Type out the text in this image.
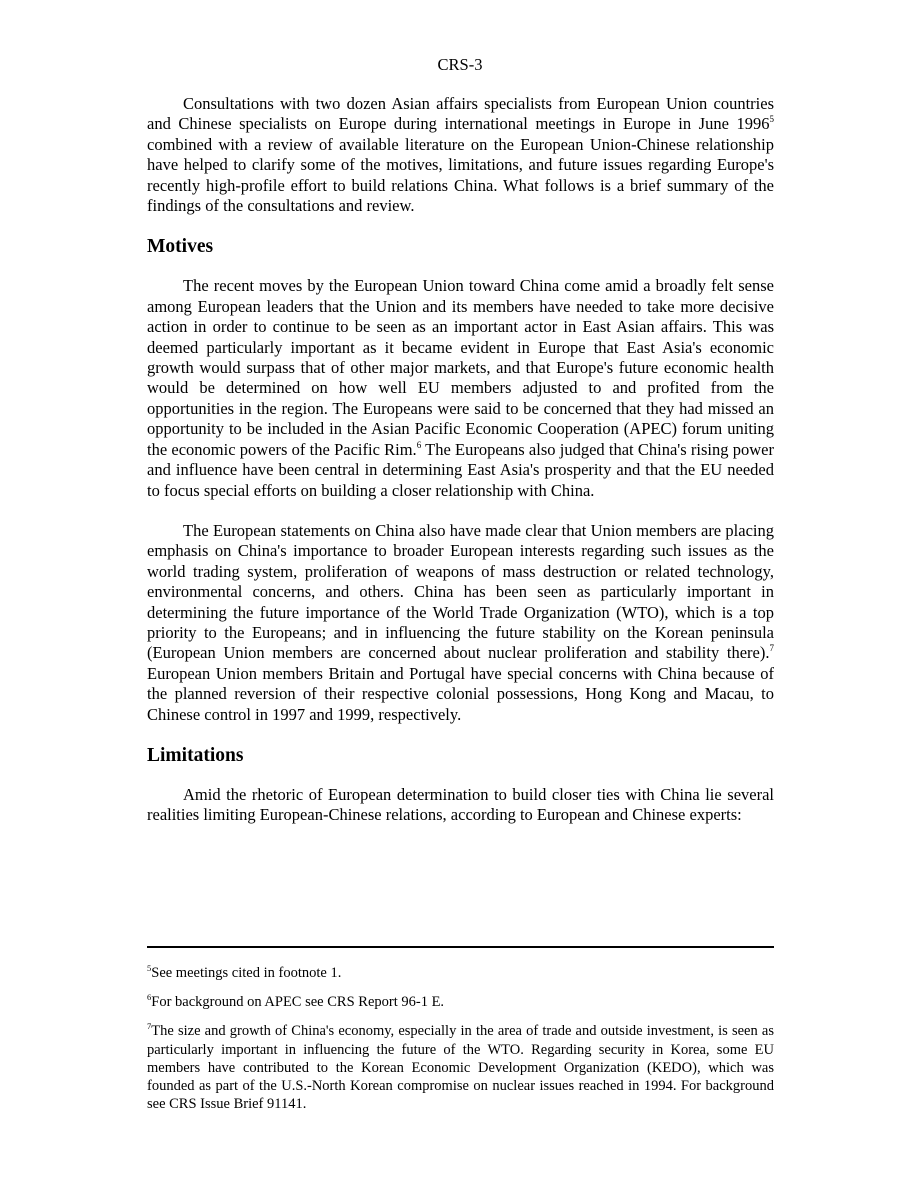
CRS-3

Consultations with two dozen Asian affairs specialists from European Union countries and Chinese specialists on Europe during international meetings in Europe in June 1996$^5$ combined with a review of available literature on the European Union-Chinese relationship have helped to clarify some of the motives, limitations, and future issues regarding Europe's recently high-profile effort to build relations China. What follows is a brief summary of the findings of the consultations and review.

Motives

The recent moves by the European Union toward China come amid a broadly felt sense among European leaders that the Union and its members have needed to take more decisive action in order to continue to be seen as an important actor in East Asian affairs. This was deemed particularly important as it became evident in Europe that East Asia's economic growth would surpass that of other major markets, and that Europe's future economic health would be determined on how well EU members adjusted to and profited from the opportunities in the region. The Europeans were said to be concerned that they had missed an opportunity to be included in the Asian Pacific Economic Cooperation (APEC) forum uniting the economic powers of the Pacific Rim.$^6$ The Europeans also judged that China's rising power and influence have been central in determining East Asia's prosperity and that the EU needed to focus special efforts on building a closer relationship with China.

The European statements on China also have made clear that Union members are placing emphasis on China's importance to broader European interests regarding such issues as the world trading system, proliferation of weapons of mass destruction or related technology, environmental concerns, and others. China has been seen as particularly important in determining the future importance of the World Trade Organization (WTO), which is a top priority to the Europeans; and in influencing the future stability on the Korean peninsula (European Union members are concerned about nuclear proliferation and stability there).$^7$ European Union members Britain and Portugal have special concerns with China because of the planned reversion of their respective colonial possessions, Hong Kong and Macau, to Chinese control in 1997 and 1999, respectively.

Limitations

Amid the rhetoric of European determination to build closer ties with China lie several realities limiting European-Chinese relations, according to European and Chinese experts:

$^5$See meetings cited in footnote 1.

$^6$For background on APEC see CRS Report 96-1 E.

$^7$The size and growth of China's economy, especially in the area of trade and outside investment, is seen as particularly important in influencing the future of the WTO. Regarding security in Korea, some EU members have contributed to the Korean Economic Development Organization (KEDO), which was founded as part of the U.S.-North Korean compromise on nuclear issues reached in 1994. For background see CRS Issue Brief 91141.
